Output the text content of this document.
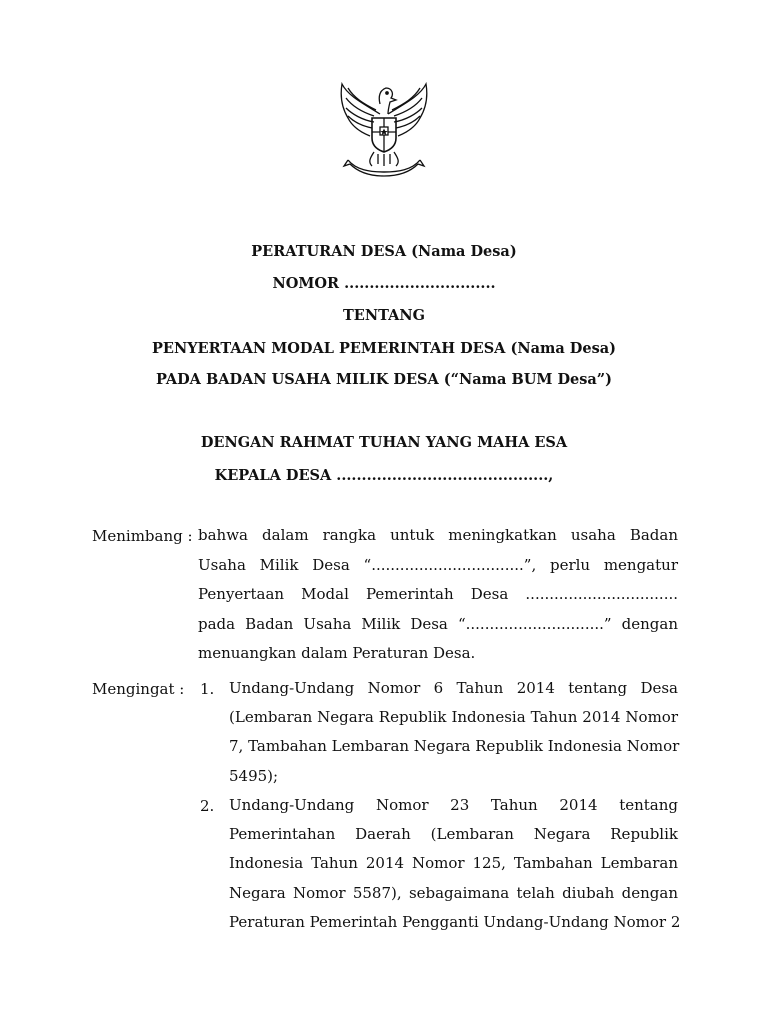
PERATURAN DESA (Nama Desa)
NOMOR ..............................
TENTANG
PENYERTAAN MODAL PEMERINTAH DESA (Nama Desa)
PADA BADAN USAHA MILIK DESA (“Nama BUM Desa”)
DENGAN RAHMAT TUHAN YANG MAHA ESA
KEPALA DESA ..........................................,
Menimbang : bahwa dalam rangka untuk meningkatkan usaha Badan
Usaha Milik Desa “................................”, perlu mengatur
Penyertaan Modal Pemerintah Desa ................................
pada Badan Usaha Milik Desa “.............................” dengan
menuangkan dalam Peraturan Desa.
Mengingat : 1. Undang-Undang Nomor 6 Tahun 2014 tentang Desa
(Lembaran Negara Republik Indonesia Tahun 2014 Nomor
7, Tambahan Lembaran Negara Republik Indonesia Nomor
5495);
2. Undang-Undang Nomor 23 Tahun 2014 tentang
Pemerintahan Daerah (Lembaran Negara Republik
Indonesia Tahun 2014 Nomor 125, Tambahan Lembaran
Negara Nomor 5587), sebagaimana telah diubah dengan
Peraturan Pemerintah Pengganti Undang-Undang Nomor 2
